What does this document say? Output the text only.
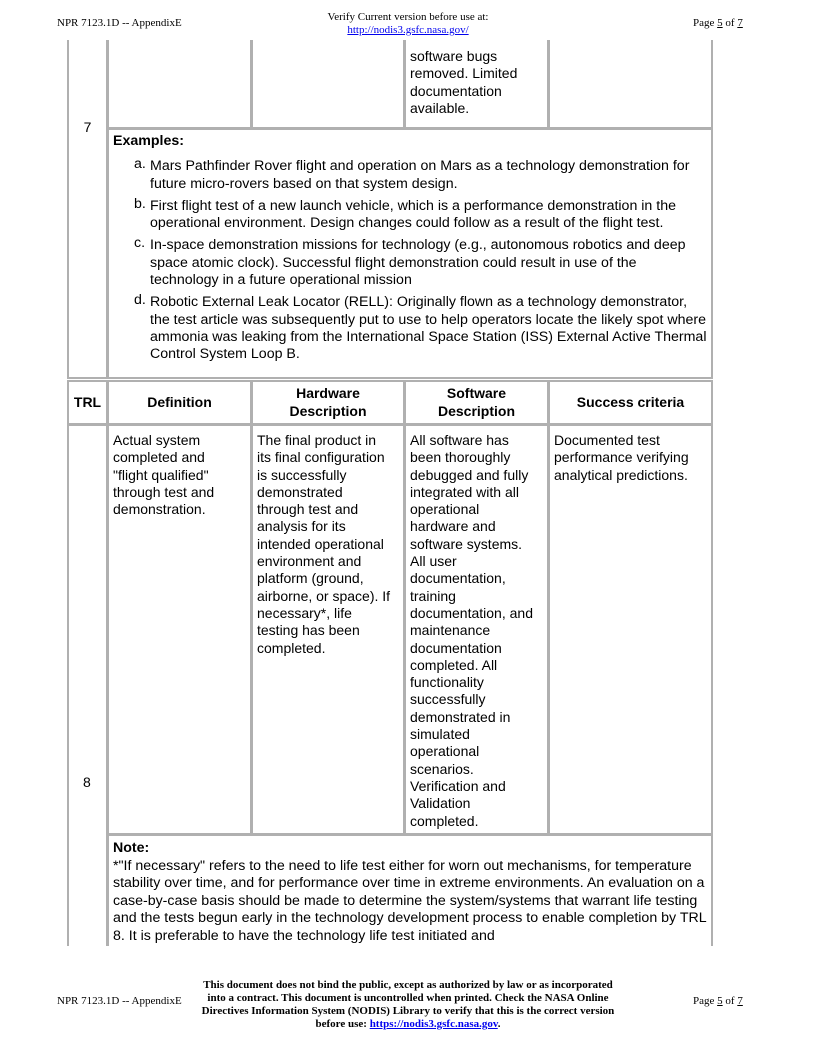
NPR 7123.1D -- AppendixE	Verify Current version before use at:
http://nodis3.gsfc.nasa.gov/
Page 5 of 7
7
software bugs
removed. Limited
documentation
available.
Examples:
a. Mars Pathfinder Rover flight and operation on Mars as a technology demonstration for future micro-rovers based on that system design.
b. First flight test of a new launch vehicle, which is a performance demonstration in the operational environment. Design changes could follow as a result of the flight test.
c. In-space demonstration missions for technology (e.g., autonomous robotics and deep space atomic clock). Successful flight demonstration could result in use of the technology in a future operational mission
d. Robotic External Leak Locator (RELL): Originally flown as a technology demonstrator, the test article was subsequently put to use to help operators locate the likely spot where ammonia was leaking from the International Space Station (ISS) External Active Thermal Control System Loop B.
TRL	Definition
Hardware
Description
Software
Description
Success criteria
8
Actual system
completed and
"flight qualified"
through test and
demonstration.
The final product in
its final configuration
is successfully
demonstrated
through test and
analysis for its
intended operational
environment and
platform (ground,
airborne, or space). If
necessary*, life
testing has been
completed.
All software has
been thoroughly
debugged and fully
integrated with all
operational
hardware and
software systems.
All user
documentation,
training
documentation, and
maintenance
documentation
completed. All
functionality
successfully
demonstrated in
simulated
operational
scenarios.
Verification and
Validation
completed.
Documented test
performance verifying
analytical predictions.
Note:
*"If necessary" refers to the need to life test either for worn out mechanisms, for temperature stability over time, and for performance over time in extreme environments. An evaluation on a case-by-case basis should be made to determine the system/systems that warrant life testing and the tests begun early in the technology development process to enable completion by TRL 8. It is preferable to have the technology life test initiated and
NPR 7123.1D -- AppendixE
This document does not bind the public, except as authorized by law or as incorporated into a contract. This document is uncontrolled when printed. Check the NASA Online Directives Information System (NODIS) Library to verify that this is the correct version before use: https://nodis3.gsfc.nasa.gov.
Page 5 of 7
